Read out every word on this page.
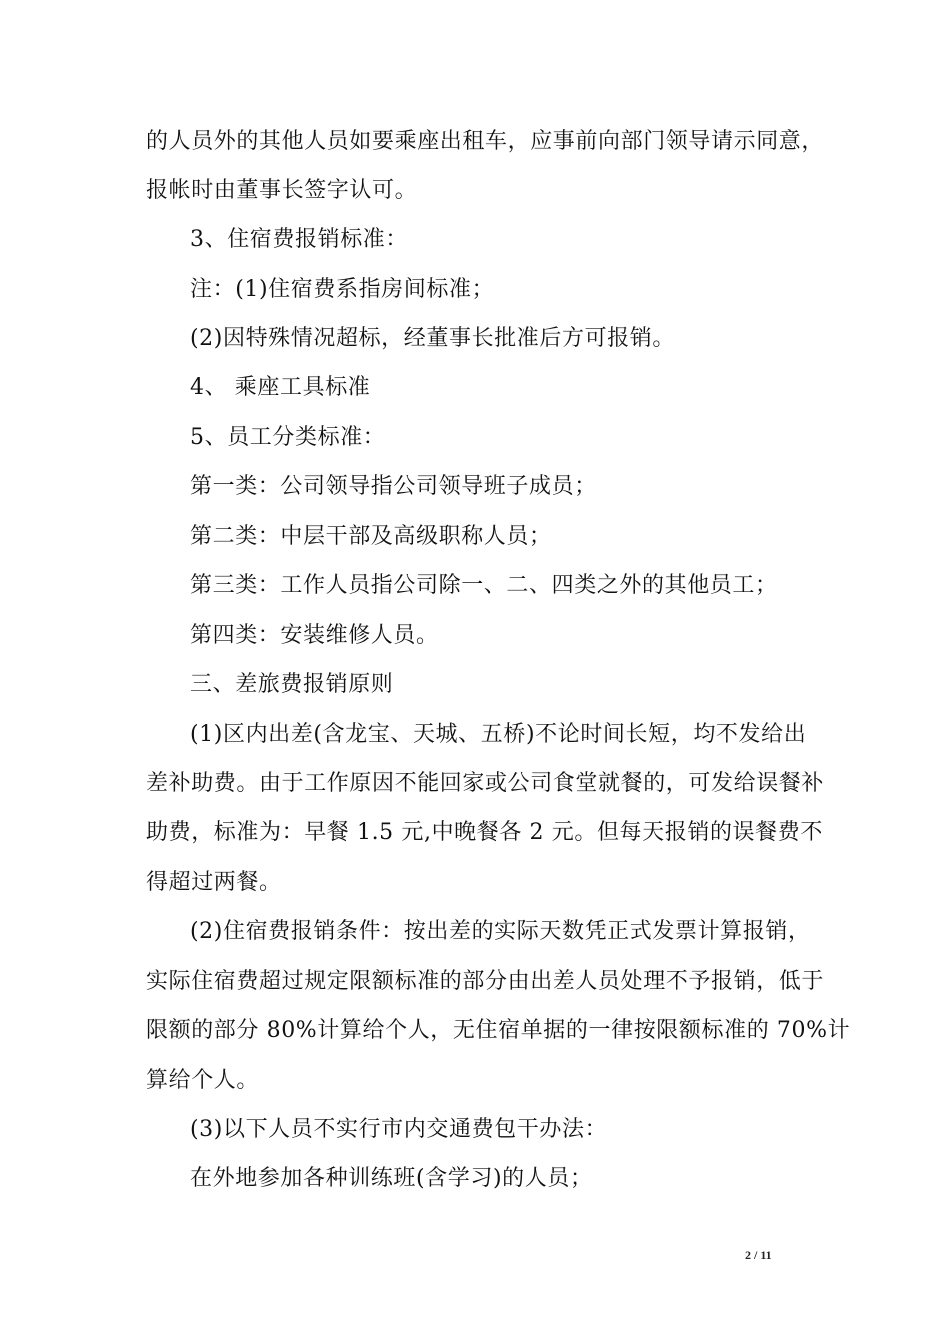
的人员外的其他人员如要乘座出租车，应事前向部门领导请示同意，
报帐时由董事长签字认可。
3、住宿费报销标准：
注：(1)住宿费系指房间标准；
(2)因特殊情况超标，经董事长批准后方可报销。
4、 乘座工具标准
5、员工分类标准：
第一类：公司领导指公司领导班子成员；
第二类：中层干部及高级职称人员；
第三类：工作人员指公司除一、二、四类之外的其他员工；
第四类：安装维修人员。
三、差旅费报销原则
(1)区内出差(含龙宝、天城、五桥)不论时间长短，均不发给出
差补助费。由于工作原因不能回家或公司食堂就餐的，可发给误餐补
助费，标准为：早餐 1.5 元,中晚餐各 2 元。但每天报销的误餐费不
得超过两餐。
(2)住宿费报销条件：按出差的实际天数凭正式发票计算报销，
实际住宿费超过规定限额标准的部分由出差人员处理不予报销，低于
限额的部分 80%计算给个人，无住宿单据的一律按限额标准的 70%计
算给个人。
(3)以下人员不实行市内交通费包干办法：
在外地参加各种训练班(含学习)的人员；
2 / 11
